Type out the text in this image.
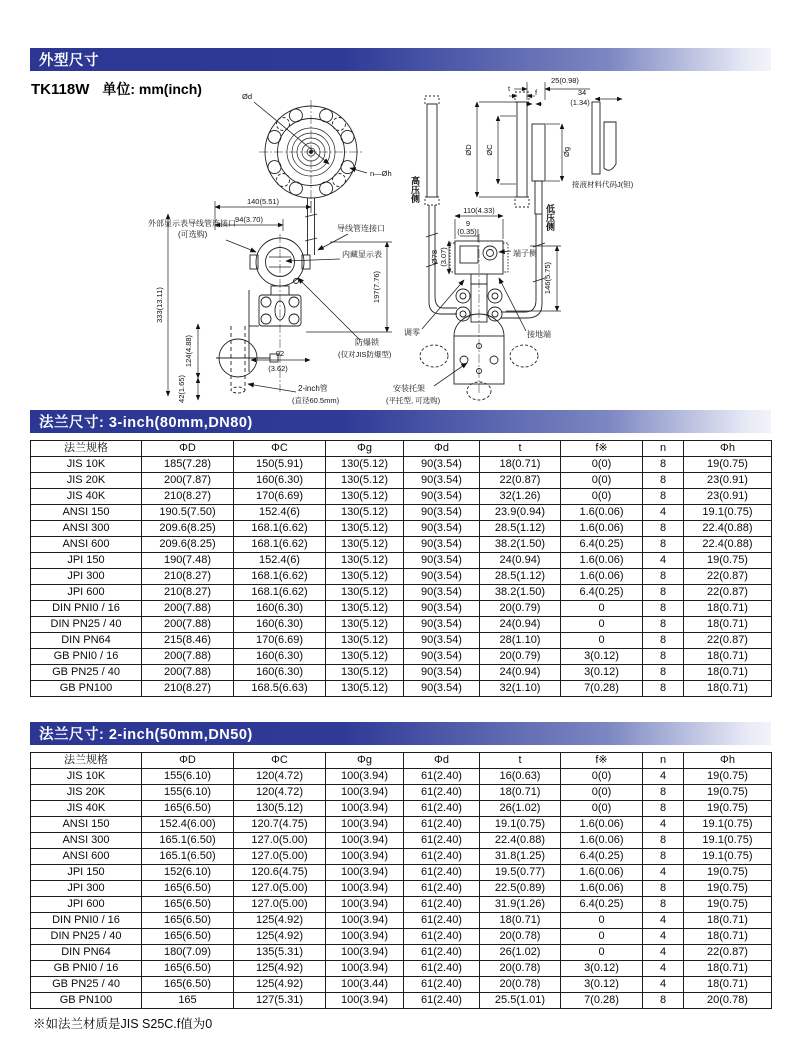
外型尺寸
TK118W 单位: mm(inch)	Ød
n—Øh
140(5.51)
94(3.70)
外部显示表导线管连接口
(可选购)
导线管连接口
内藏显示表
333(13.11)
124(4.88)
42(1.65)
92
(3.62)
197(7.76)
防爆锁
(仅对JIS防爆型)
2-inch管
(直径60.5mm)
25(0.98)
t	f
ØD ØC	Øg
34
(1.34)
接液材料代码J(钽)
高压侧
低压侧
110(4.33)
9
(0.35)
Ø78 (3.07)	端子侧
146(5.75)
调零	接地端
安装托架
(平托型, 可选购)
法兰尺寸: 3-inch(80mm,DN80)
法兰规格	ΦD	ΦC	Φg	Φd	t	f※	n	Φh
JIS 10K	185(7.28)	150(5.91)	130(5.12)	90(3.54)	18(0.71)	0(0)	8	19(0.75)
JIS 20K	200(7.87)	160(6.30)	130(5.12)	90(3.54)	22(0.87)	0(0)	8	23(0.91)
JIS 40K	210(8.27)	170(6.69)	130(5.12)	90(3.54)	32(1.26)	0(0)	8	23(0.91)
ANSI 150	190.5(7.50)	152.4(6)	130(5.12)	90(3.54)	23.9(0.94)	1.6(0.06)	4	19.1(0.75)
ANSI 300	209.6(8.25)	168.1(6.62)	130(5.12)	90(3.54)	28.5(1.12)	1.6(0.06)	8	22.4(0.88)
ANSI 600	209.6(8.25)	168.1(6.62)	130(5.12)	90(3.54)	38.2(1.50)	6.4(0.25)	8	22.4(0.88)
JPI 150	190(7.48)	152.4(6)	130(5.12)	90(3.54)	24(0.94)	1.6(0.06)	4	19(0.75)
JPI 300	210(8.27)	168.1(6.62)	130(5.12)	90(3.54)	28.5(1.12)	1.6(0.06)	8	22(0.87)
JPI 600	210(8.27)	168.1(6.62)	130(5.12)	90(3.54)	38.2(1.50)	6.4(0.25)	8	22(0.87)
DIN PNI0 / 16	200(7.88)	160(6.30)	130(5.12)	90(3.54)	20(0.79)	0	8	18(0.71)
DIN PN25 / 40	200(7.88)	160(6.30)	130(5.12)	90(3.54)	24(0.94)	0	8	18(0.71)
DIN PN64	215(8.46)	170(6.69)	130(5.12)	90(3.54)	28(1.10)	0	8	22(0.87)
GB PNI0 / 16	200(7.88)	160(6.30)	130(5.12)	90(3.54)	20(0.79)	3(0.12)	8	18(0.71)
GB PN25 / 40	200(7.88)	160(6.30)	130(5.12)	90(3.54)	24(0.94)	3(0.12)	8	18(0.71)
GB PN100	210(8.27)	168.5(6.63)	130(5.12)	90(3.54)	32(1.10)	7(0.28)	8	18(0.71)
法兰尺寸: 2-inch(50mm,DN50)
法兰规格	ΦD	ΦC	Φg	Φd	t	f※	n	Φh
JIS 10K	155(6.10)	120(4.72)	100(3.94)	61(2.40)	16(0.63)	0(0)	4	19(0.75)
JIS 20K	155(6.10)	120(4.72)	100(3.94)	61(2.40)	18(0.71)	0(0)	8	19(0.75)
JIS 40K	165(6.50)	130(5.12)	100(3.94)	61(2.40)	26(1.02)	0(0)	8	19(0.75)
ANSI 150	152.4(6.00)	120.7(4.75)	100(3.94)	61(2.40)	19.1(0.75)	1.6(0.06)	4	19.1(0.75)
ANSI 300	165.1(6.50)	127.0(5.00)	100(3.94)	61(2.40)	22.4(0.88)	1.6(0.06)	8	19.1(0.75)
ANSI 600	165.1(6.50)	127.0(5.00)	100(3.94)	61(2.40)	31.8(1.25)	6.4(0.25)	8	19.1(0.75)
JPI 150	152(6.10)	120.6(4.75)	100(3.94)	61(2.40)	19.5(0.77)	1.6(0.06)	4	19(0.75)
JPI 300	165(6.50)	127.0(5.00)	100(3.94)	61(2.40)	22.5(0.89)	1.6(0.06)	8	19(0.75)
JPI 600	165(6.50)	127.0(5.00)	100(3.94)	61(2.40)	31.9(1.26)	6.4(0.25)	8	19(0.75)
DIN PNI0 / 16	165(6.50)	125(4.92)	100(3.94)	61(2.40)	18(0.71)	0	4	18(0.71)
DIN PN25 / 40	165(6.50)	125(4.92)	100(3.94)	61(2.40)	20(0.78)	0	4	18(0.71)
DIN PN64	180(7.09)	135(5.31)	100(3.94)	61(2.40)	26(1.02)	0	4	22(0.87)
GB PNI0 / 16	165(6.50)	125(4.92)	100(3.94)	61(2.40)	20(0.78)	3(0.12)	4	18(0.71)
GB PN25 / 40	165(6.50)	125(4.92)	100(3.44)	61(2.40)	20(0.78)	3(0.12)	4	18(0.71)
GB PN100	165	127(5.31)	100(3.94)	61(2.40)	25.5(1.01)	7(0.28)	8	20(0.78)
※如法兰材质是JIS S25C.f值为0
